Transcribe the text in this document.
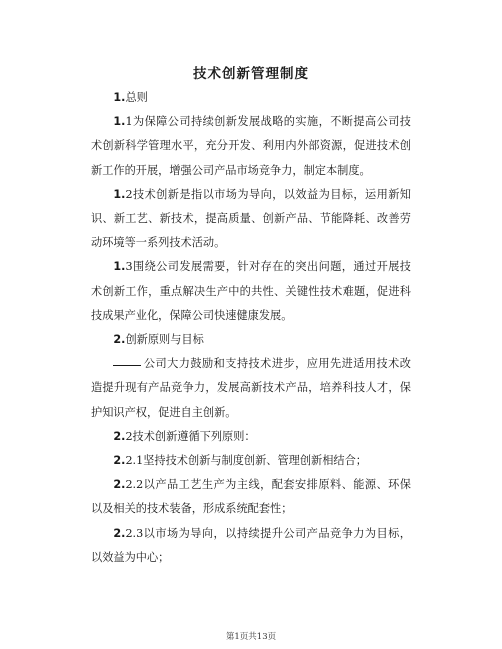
技术创新管理制度

1.总则

1.1为保障公司持续创新发展战略的实施，不断提高公司技术创新科学管理水平，充分开发、利用内外部资源，促进技术创新工作的开展，增强公司产品市场竞争力，制定本制度。

1.2技术创新是指以市场为导向，以效益为目标，运用新知识、新工艺、新技术，提高质量、创新产品、节能降耗、改善劳动环境等一系列技术活动。

1.3围绕公司发展需要，针对存在的突出问题，通过开展技术创新工作，重点解决生产中的共性、关键性技术难题，促进科技成果产业化，保障公司快速健康发展。

2.创新原则与目标

公司大力鼓励和支持技术进步，应用先进适用技术改造提升现有产品竞争力，发展高新技术产品，培养科技人才，保护知识产权，促进自主创新。

2.2技术创新遵循下列原则：

2.2.1坚持技术创新与制度创新、管理创新相结合；

2.2.2以产品工艺生产为主线，配套安排原料、能源、环保以及相关的技术装备，形成系统配套性；

2.2.3以市场为导向，以持续提升公司产品竞争力为目标，以效益为中心；

第1页共13页
